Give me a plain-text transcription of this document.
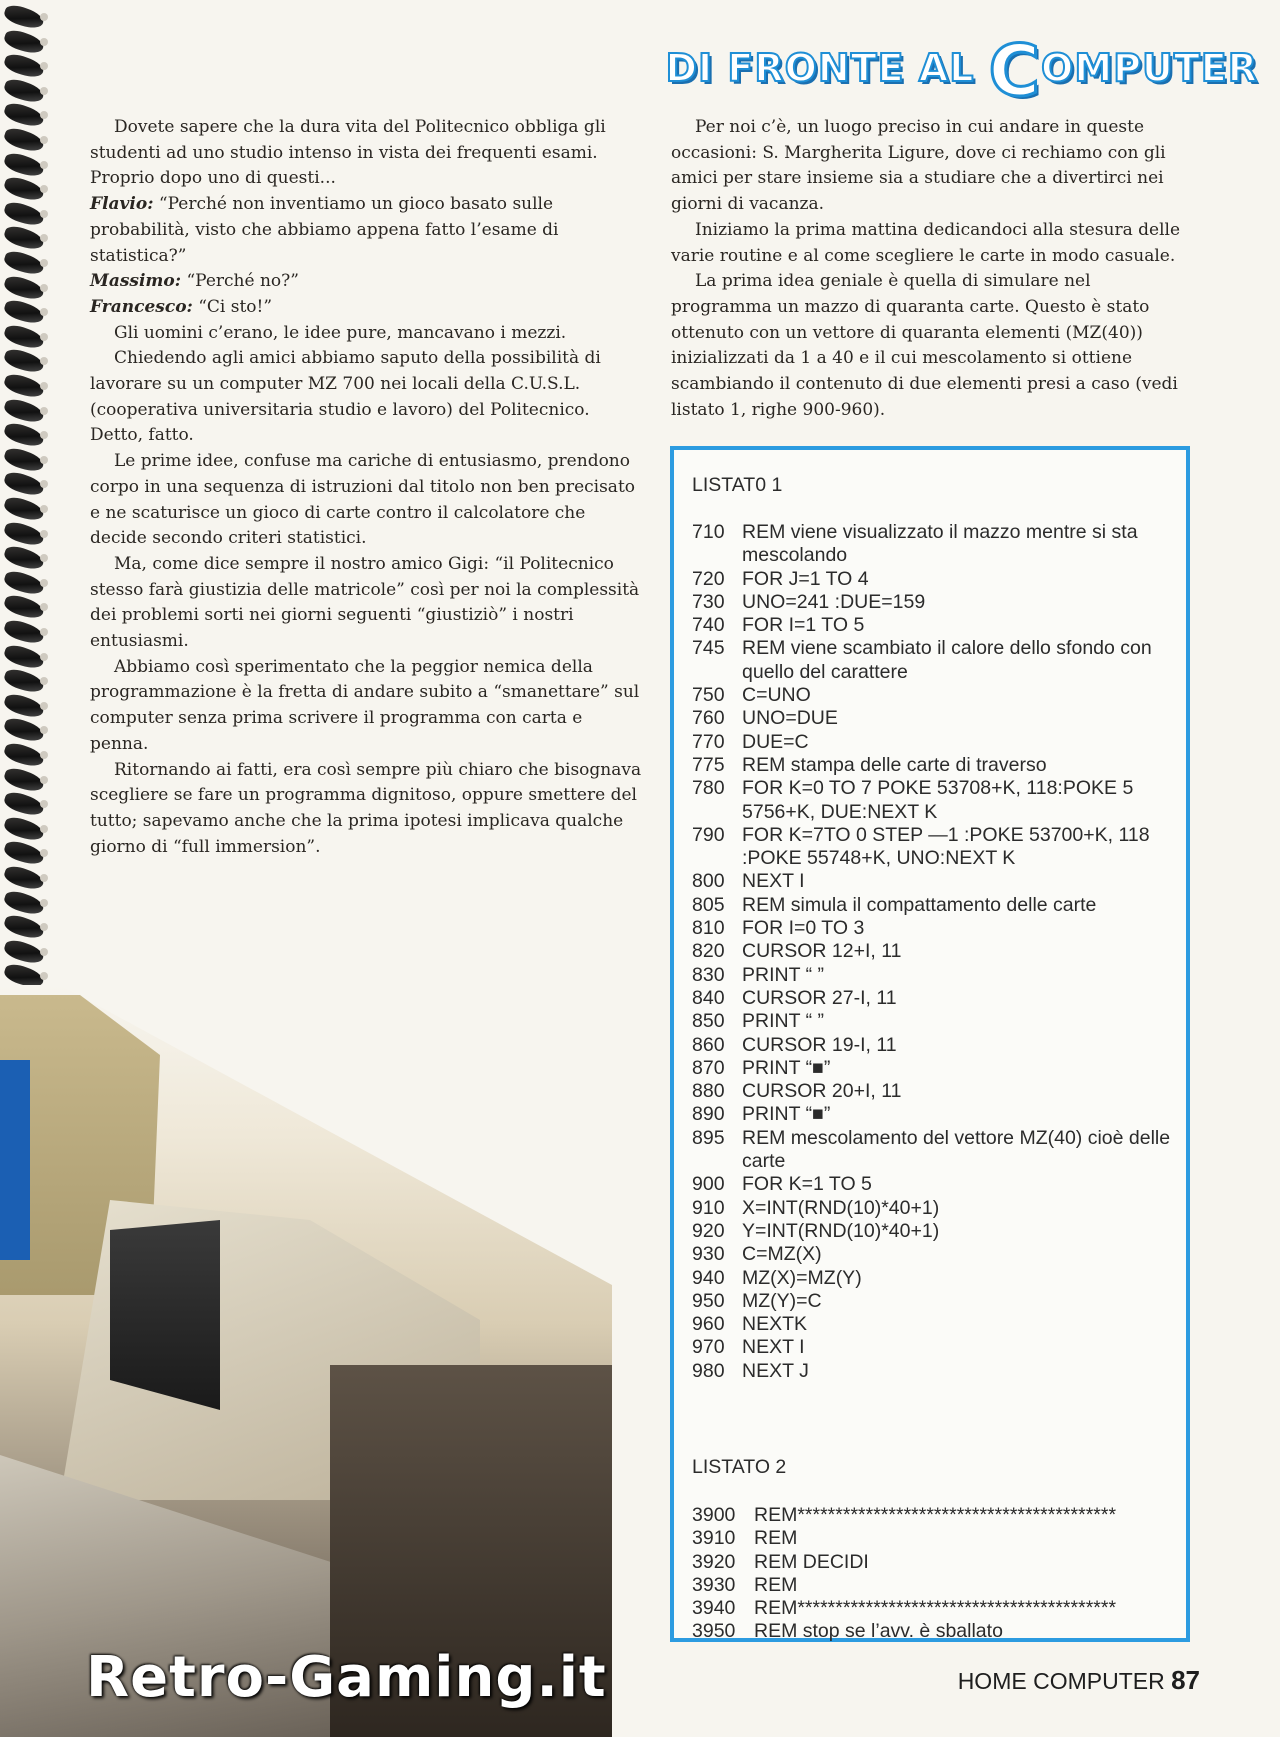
DI FRONTE AL COMPUTER

Dovete sapere che la dura vita del Politecnico obbliga gli studenti ad uno studio intenso in vista dei frequenti esami. Proprio dopo uno di questi...

Flavio: “Perché non inventiamo un gioco basato sulle probabilità, visto che abbiamo appena fatto l’esame di statistica?”

Massimo: “Perché no?”

Francesco: “Ci sto!”

Gli uomini c’erano, le idee pure, mancavano i mezzi.

Chiedendo agli amici abbiamo saputo della possibilità di lavorare su un computer MZ 700 nei locali della C.U.S.L. (cooperativa universitaria studio e lavoro) del Politecnico. Detto, fatto.

Le prime idee, confuse ma cariche di entusiasmo, prendono corpo in una sequenza di istruzioni dal titolo non ben precisato e ne scaturisce un gioco di carte contro il calcolatore che decide secondo criteri statistici.

Ma, come dice sempre il nostro amico Gigi: “il Politecnico stesso farà giustizia delle matricole” così per noi la complessità dei problemi sorti nei giorni seguenti “giustiziò” i nostri entusiasmi.

Abbiamo così sperimentato che la peggior nemica della programmazione è la fretta di andare subito a “smanettare” sul computer senza prima scrivere il programma con carta e penna.

Ritornando ai fatti, era così sempre più chiaro che bisognava scegliere se fare un programma dignitoso, oppure smettere del tutto; sapevamo anche che la prima ipotesi implicava qualche giorno di “full immersion”.

Per noi c’è, un luogo preciso in cui andare in queste occasioni: S. Margherita Ligure, dove ci rechiamo con gli amici per stare insieme sia a studiare che a divertirci nei giorni di vacanza.

Iniziamo la prima mattina dedicandoci alla stesura delle varie routine e al come scegliere le carte in modo casuale.

La prima idea geniale è quella di simulare nel programma un mazzo di quaranta carte. Questo è stato ottenuto con un vettore di quaranta elementi (MZ(40)) inizializzati da 1 a 40 e il cui mescolamento si ottiene scambiando il contenuto di due elementi presi a caso (vedi listato 1, righe 900-960).

LISTAT0 1
710 REM viene visualizzato il mazzo mentre si sta mescolando
720 FOR J=1 TO 4
730 UNO=241 :DUE=159
740 FOR I=1 TO 5
745 REM viene scambiato il calore dello sfondo con quello del carattere
750 C=UNO
760 UNO=DUE
770 DUE=C
775 REM stampa delle carte di traverso
780 FOR K=0 TO 7 POKE 53708+K, 118:POKE 5 5756+K, DUE:NEXT K
790 FOR K=7TO 0 STEP —1 :POKE 53700+K, 118 :POKE 55748+K, UNO:NEXT K
800 NEXT I
805 REM simula il compattamento delle carte
810 FOR I=0 TO 3
820 CURSOR 12+I, 11
830 PRINT “ ”
840 CURSOR 27-I, 11
850 PRINT “ ”
860 CURSOR 19-I, 11
870 PRINT “■”
880 CURSOR 20+I, 11
890 PRINT “■”
895 REM mescolamento del vettore MZ(40) cioè delle carte
900 FOR K=1 TO 5
910 X=INT(RND(10)*40+1)
920 Y=INT(RND(10)*40+1)
930 C=MZ(X)
940 MZ(X)=MZ(Y)
950 MZ(Y)=C
960 NEXTK
970 NEXT I
980 NEXT J
LISTATO 2
3900 REM******************************************
3910 REM
3920 REM DECIDI
3930 REM
3940 REM******************************************
3950 REM stop se l’avv. è sballato
Retro-Gaming.it	HOME COMPUTER 87
